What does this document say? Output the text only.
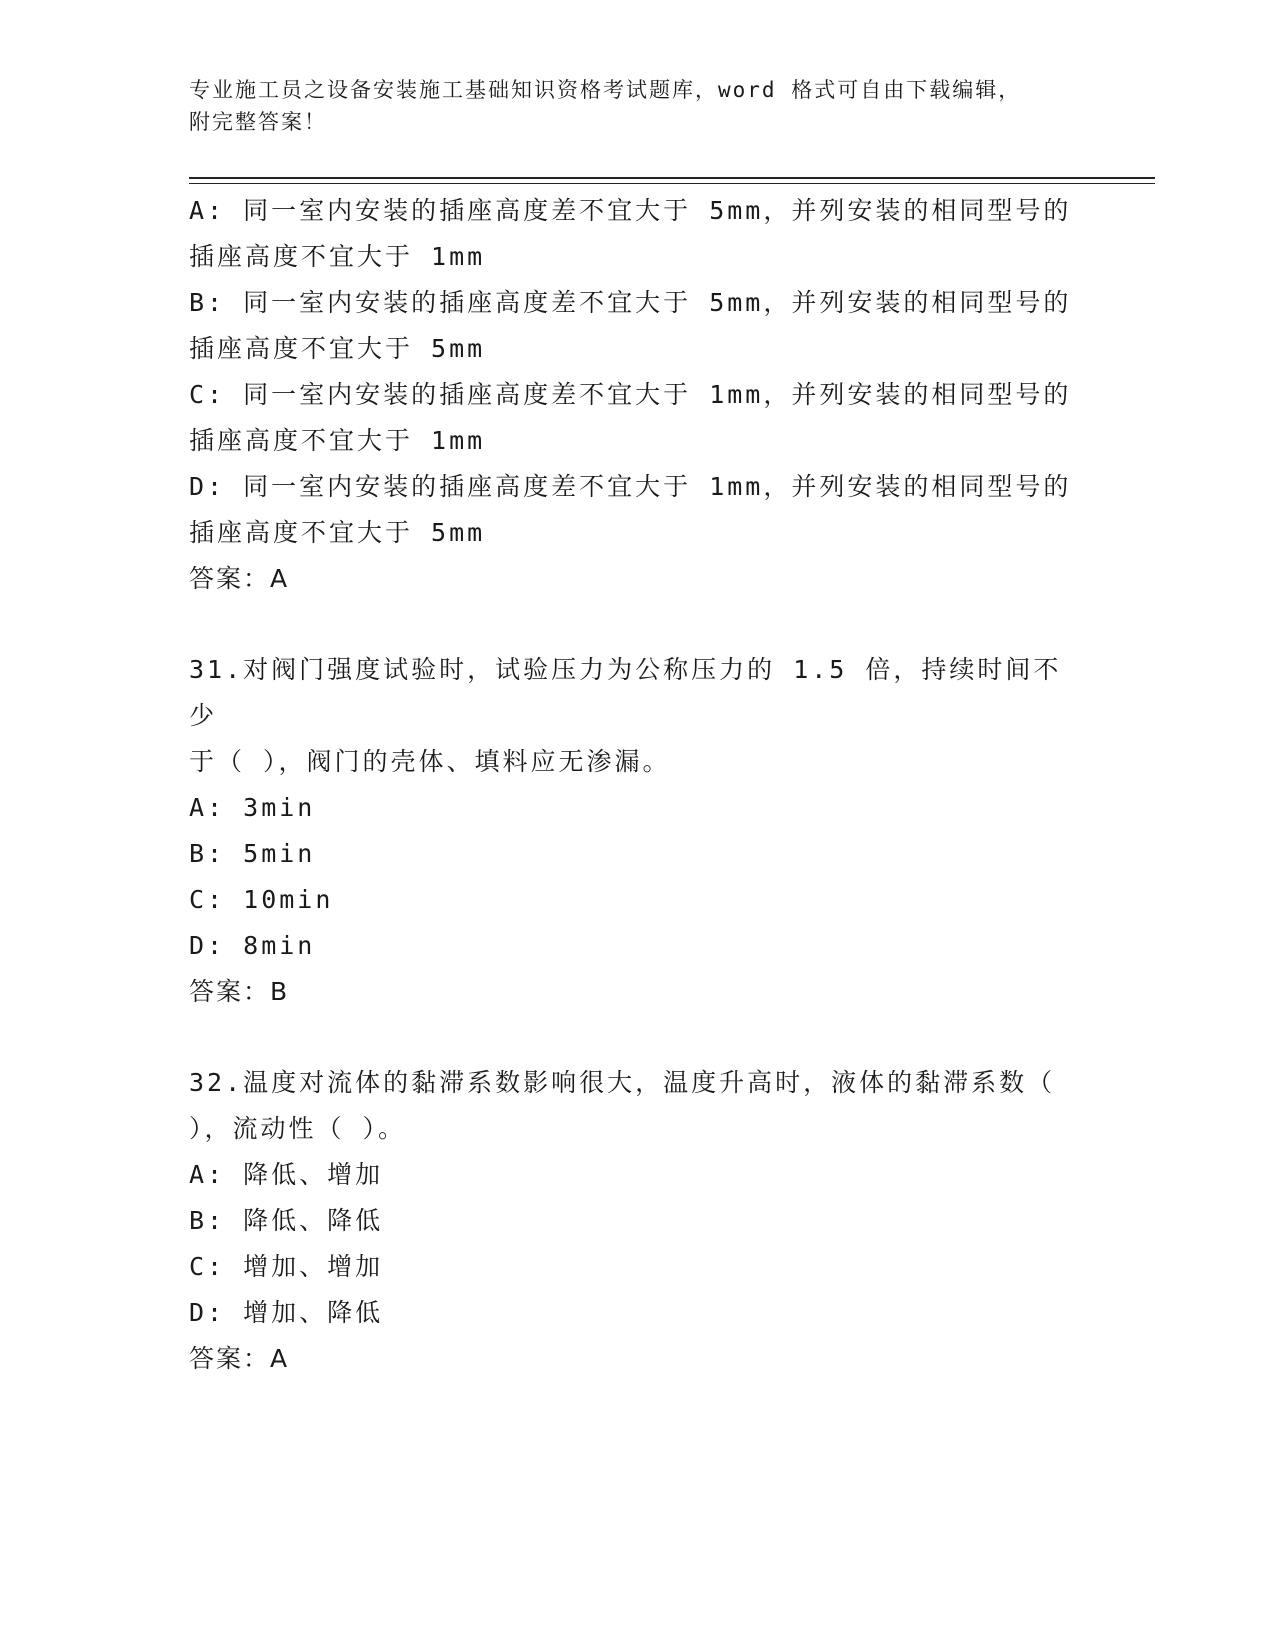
专业施工员之设备安装施工基础知识资格考试题库，word 格式可自由下载编辑，
附完整答案！

A: 同一室内安装的插座高度差不宜大于 5mm，并列安装的相同型号的

插座高度不宜大于 1mm

B: 同一室内安装的插座高度差不宜大于 5mm，并列安装的相同型号的

插座高度不宜大于 5mm

C: 同一室内安装的插座高度差不宜大于 1mm，并列安装的相同型号的

插座高度不宜大于 1mm

D: 同一室内安装的插座高度差不宜大于 1mm，并列安装的相同型号的

插座高度不宜大于 5mm

答案：A

31.对阀门强度试验时，试验压力为公称压力的 1.5 倍，持续时间不少

于（ ），阀门的壳体、填料应无渗漏。

A: 3min

B: 5min

C: 10min

D: 8min

答案：B

32.温度对流体的黏滞系数影响很大，温度升高时，液体的黏滞系数（

），流动性（ ）。

A: 降低、增加

B: 降低、降低

C: 增加、增加

D: 增加、降低

答案：A
